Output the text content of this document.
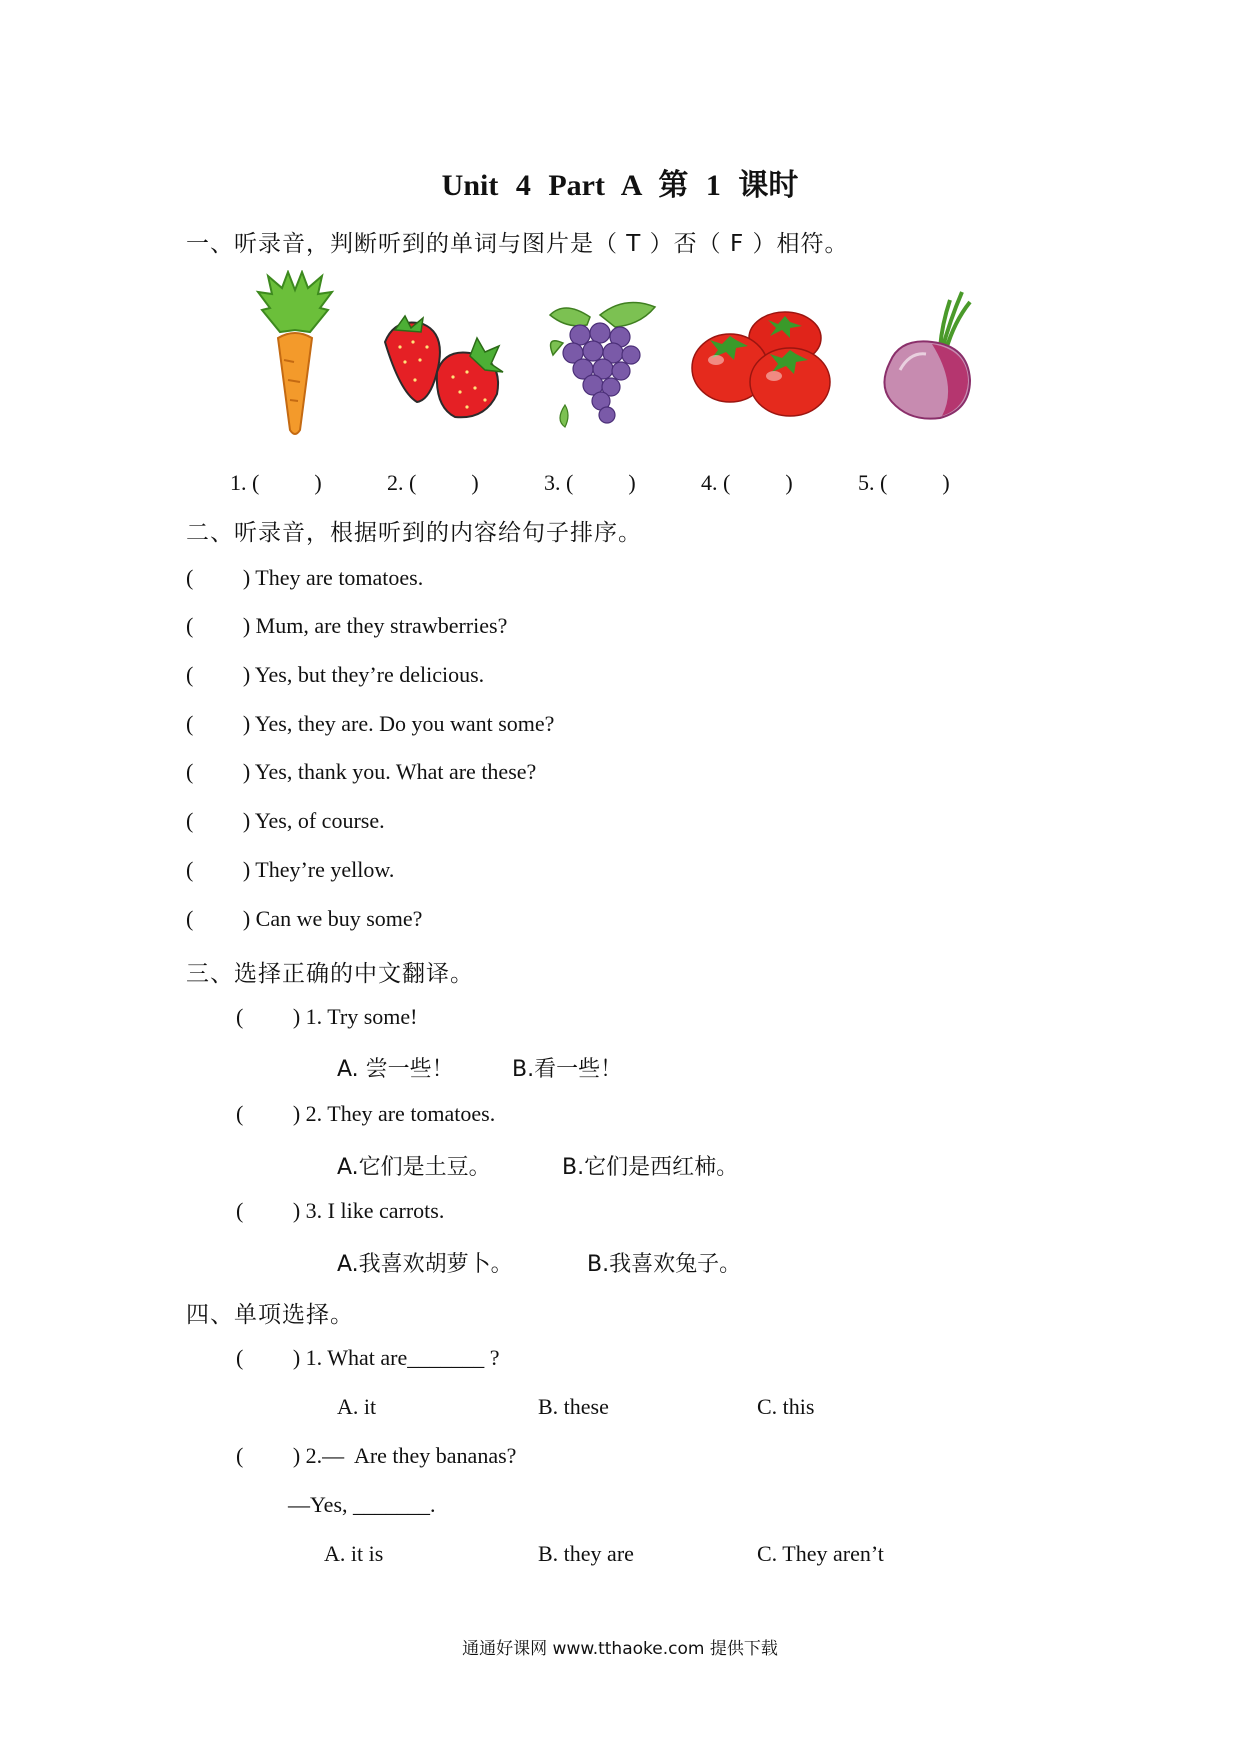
Unit 4 Part A 第 1 课时
一、听录音，判断听到的单词与图片是（ T ）否（ F ）相符。
1. (          )	2. (          )	3. (          )	4. (          )	5. (          )
二、听录音，根据听到的内容给句子排序。
(         ) They are tomatoes.
(         ) Mum, are they strawberries?
(         ) Yes, but they’re delicious.
(         ) Yes, they are. Do you want some?
(         ) Yes, thank you. What are these?
(         ) Yes, of course.
(         ) They’re yellow.
(         ) Can we buy some?
三、选择正确的中文翻译。
(         ) 1. Try some!
A. 尝一些！	B.看一些！
(         ) 2. They are tomatoes.
A.它们是土豆。	B.它们是西红柿。
(         ) 3. I like carrots.
A.我喜欢胡萝卜。	B.我喜欢兔子。
四、单项选择。
(         ) 1. What are_______ ?
A. it	B. these	C. this
(         ) 2.—  Are they bananas?
—Yes, _______.
A. it is	B. they are	C. They aren’t
通通好课网 www.tthaoke.com 提供下载
